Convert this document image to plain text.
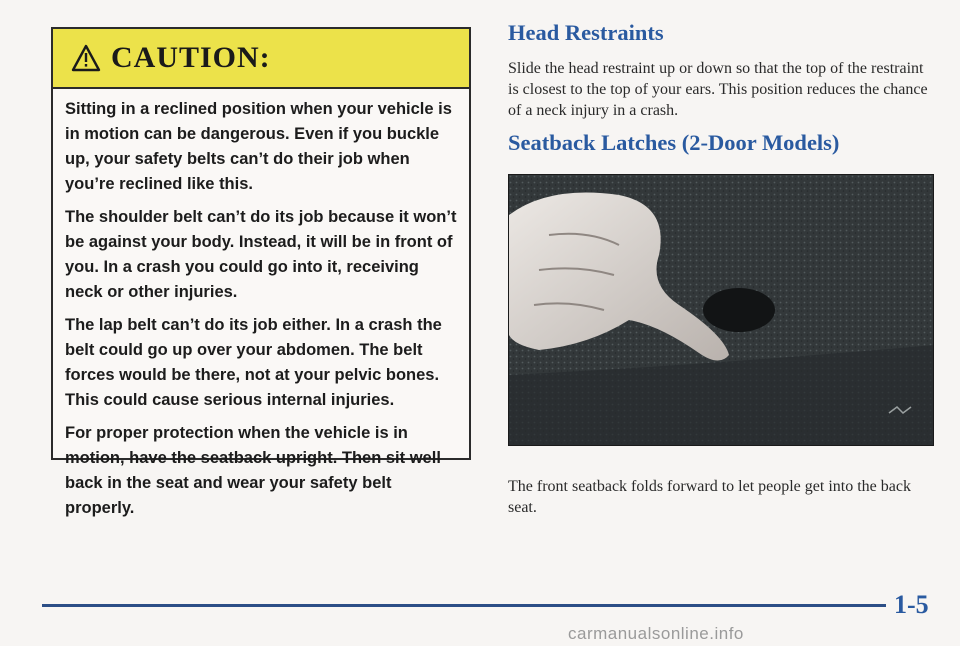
CAUTION:

Sitting in a reclined position when your vehicle is in motion can be dangerous. Even if you buckle up, your safety belts can’t do their job when you’re reclined like this.

The shoulder belt can’t do its job because it won’t be against your body. Instead, it will be in front of you. In a crash you could go into it, receiving neck or other injuries.

The lap belt can’t do its job either. In a crash the belt could go up over your abdomen. The belt forces would be there, not at your pelvic bones. This could cause serious internal injuries.

For proper protection when the vehicle is in motion, have the seatback upright. Then sit well back in the seat and wear your safety belt properly.

Head Restraints

Slide the head restraint up or down so that the top of the restraint is closest to the top of your ears. This position reduces the chance of a neck injury in a crash.

Seatback Latches (2-Door Models)

The front seatback folds forward to let people get into the back seat.

1-5
carmanualsonline.info
